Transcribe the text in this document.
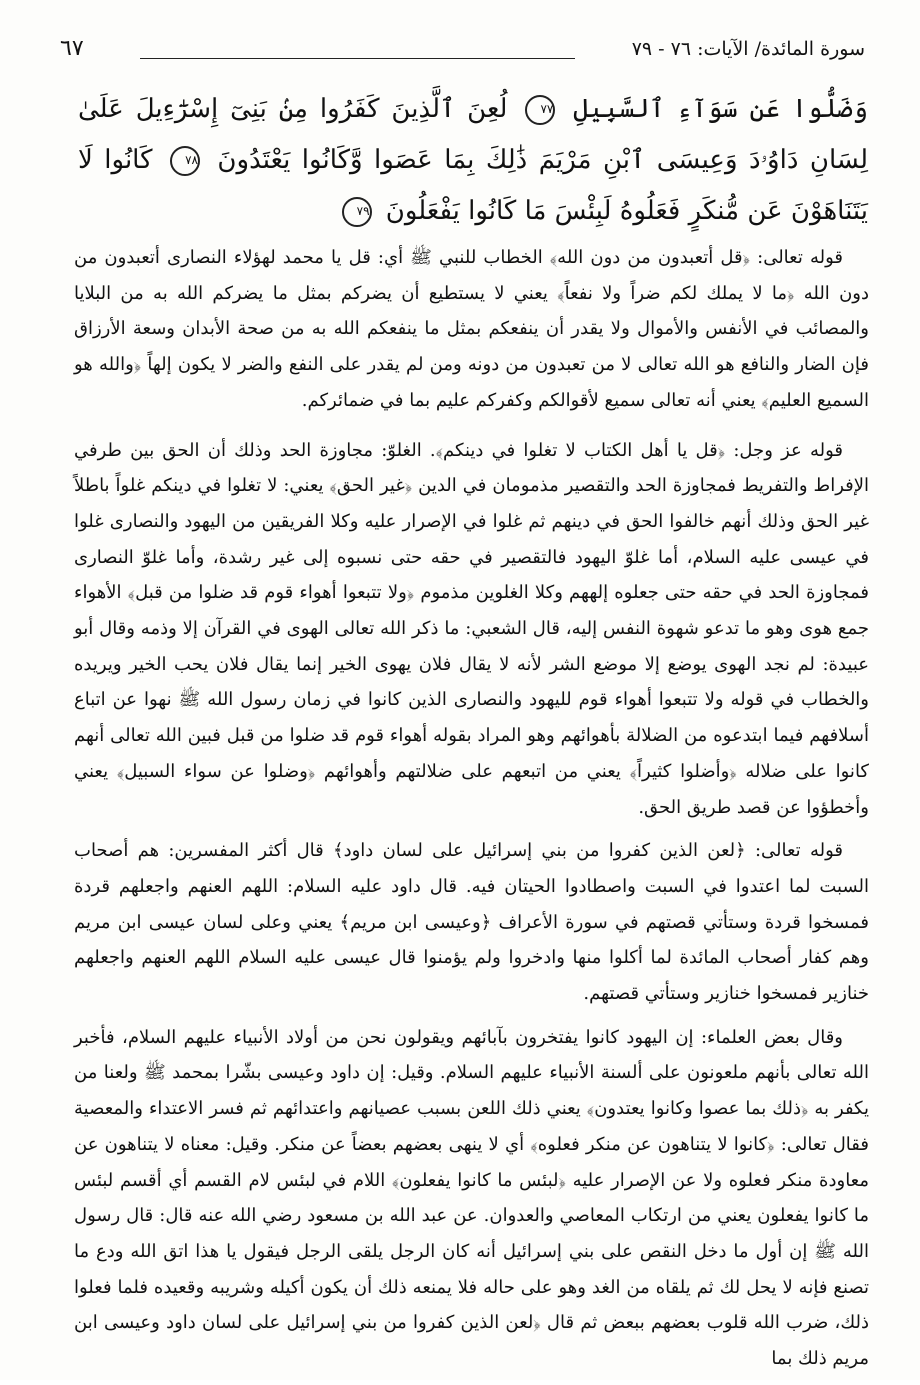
سورة المائدة/ الآيات: ٧٦ - ٧٩
٦٧
وَضَلُّوا عَن سَوَآءِ ٱلسَّبِيلِ ٧٧ لُعِنَ ٱلَّذِينَ كَفَرُوا مِنۢ بَنِىٓ إِسْرَٰٓءِيلَ عَلَىٰ لِسَانِ دَاوُۥدَ وَعِيسَى ٱبْنِ مَرْيَمَ ذَٰلِكَ بِمَا عَصَوا وَّكَانُوا يَعْتَدُونَ ٧٨ كَانُوا لَا يَتَنَاهَوْنَ عَن مُّنكَرٍ فَعَلُوهُ لَبِئْسَ مَا كَانُوا يَفْعَلُونَ ٧٩

قوله تعالى: ﴿قل أتعبدون من دون الله﴾ الخطاب للنبي ﷺ أي: قل يا محمد لهؤلاء النصارى أتعبدون من دون الله ﴿ما لا يملك لكم ضراً ولا نفعاً﴾ يعني لا يستطيع أن يضركم بمثل ما يضركم الله به من البلايا والمصائب في الأنفس والأموال ولا يقدر أن ينفعكم بمثل ما ينفعكم الله به من صحة الأبدان وسعة الأرزاق فإن الضار والنافع هو الله تعالى لا من تعبدون من دونه ومن لم يقدر على النفع والضر لا يكون إلهاً ﴿والله هو السميع العليم﴾ يعني أنه تعالى سميع لأقوالكم وكفركم عليم بما في ضمائركم.

قوله عز وجل: ﴿قل يا أهل الكتاب لا تغلوا في دينكم﴾. الغلوّ: مجاوزة الحد وذلك أن الحق بين طرفي الإفراط والتفريط فمجاوزة الحد والتقصير مذمومان في الدين ﴿غير الحق﴾ يعني: لا تغلوا في دينكم غلواً باطلاً غير الحق وذلك أنهم خالفوا الحق في دينهم ثم غلوا في الإصرار عليه وكلا الفريقين من اليهود والنصارى غلوا في عيسى عليه السلام، أما غلوّ اليهود فالتقصير في حقه حتى نسبوه إلى غير رشدة، وأما غلوّ النصارى فمجاوزة الحد في حقه حتى جعلوه إلههم وكلا الغلوين مذموم ﴿ولا تتبعوا أهواء قوم قد ضلوا من قبل﴾ الأهواء جمع هوى وهو ما تدعو شهوة النفس إليه، قال الشعبي: ما ذكر الله تعالى الهوى في القرآن إلا وذمه وقال أبو عبيدة: لم نجد الهوى يوضع إلا موضع الشر لأنه لا يقال فلان يهوى الخير إنما يقال فلان يحب الخير ويريده والخطاب في قوله ولا تتبعوا أهواء قوم لليهود والنصارى الذين كانوا في زمان رسول الله ﷺ نهوا عن اتباع أسلافهم فيما ابتدعوه من الضلالة بأهوائهم وهو المراد بقوله أهواء قوم قد ضلوا من قبل فبين الله تعالى أنهم كانوا على ضلاله ﴿وأضلوا كثيراً﴾ يعني من اتبعهم على ضلالتهم وأهوائهم ﴿وضلوا عن سواء السبيل﴾ يعني وأخطؤوا عن قصد طريق الحق.

قوله تعالى: ﴿لعن الذين كفروا من بني إسرائيل على لسان داود﴾ قال أكثر المفسرين: هم أصحاب السبت لما اعتدوا في السبت واصطادوا الحيتان فيه. قال داود عليه السلام: اللهم العنهم واجعلهم قردة فمسخوا قردة وستأتي قصتهم في سورة الأعراف ﴿وعيسى ابن مريم﴾ يعني وعلى لسان عيسى ابن مريم وهم كفار أصحاب المائدة لما أكلوا منها وادخروا ولم يؤمنوا قال عيسى عليه السلام اللهم العنهم واجعلهم خنازير فمسخوا خنازير وستأتي قصتهم.

وقال بعض العلماء: إن اليهود كانوا يفتخرون بآبائهم ويقولون نحن من أولاد الأنبياء عليهم السلام، فأخبر الله تعالى بأنهم ملعونون على ألسنة الأنبياء عليهم السلام. وقيل: إن داود وعيسى بشّرا بمحمد ﷺ ولعنا من يكفر به ﴿ذلك بما عصوا وكانوا يعتدون﴾ يعني ذلك اللعن بسبب عصيانهم واعتدائهم ثم فسر الاعتداء والمعصية فقال تعالى: ﴿كانوا لا يتناهون عن منكر فعلوه﴾ أي لا ينهى بعضهم بعضاً عن منكر. وقيل: معناه لا يتناهون عن معاودة منكر فعلوه ولا عن الإصرار عليه ﴿لبئس ما كانوا يفعلون﴾ اللام في لبئس لام القسم أي أقسم لبئس ما كانوا يفعلون يعني من ارتكاب المعاصي والعدوان. عن عبد الله بن مسعود رضي الله عنه قال: قال رسول الله ﷺ إن أول ما دخل النقص على بني إسرائيل أنه كان الرجل يلقى الرجل فيقول يا هذا اتق الله ودع ما تصنع فإنه لا يحل لك ثم يلقاه من الغد وهو على حاله فلا يمنعه ذلك أن يكون أكيله وشريبه وقعيده فلما فعلوا ذلك، ضرب الله قلوب بعضهم ببعض ثم قال ﴿لعن الذين كفروا من بني إسرائيل على لسان داود وعيسى ابن مريم ذلك بما
